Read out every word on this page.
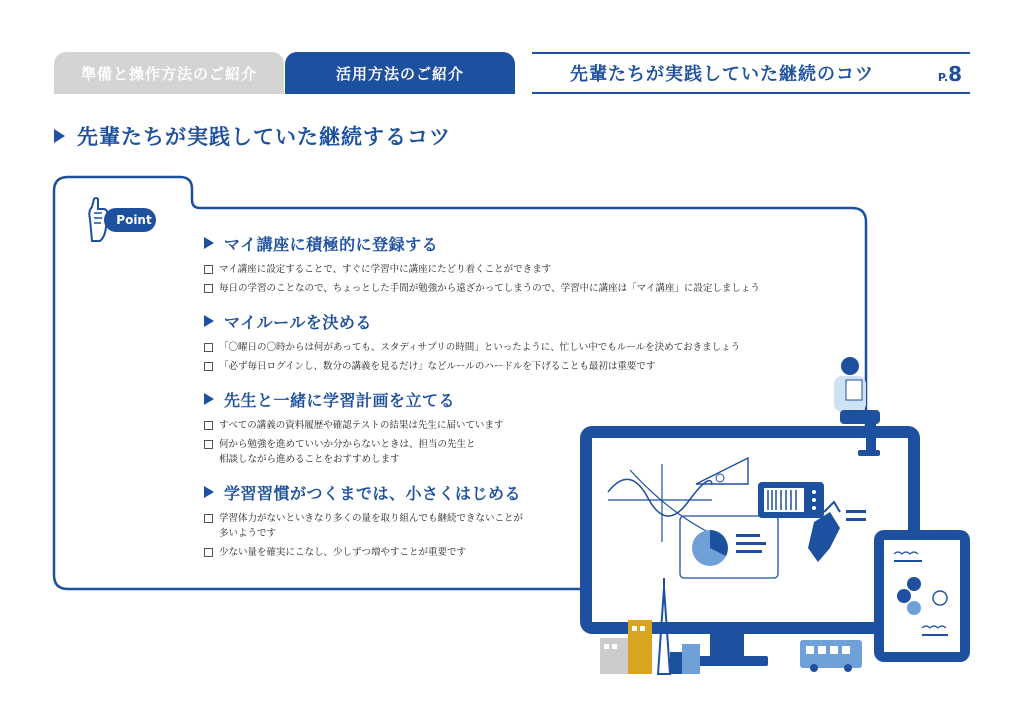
準備と操作方法のご紹介	活用方法のご紹介	先輩たちが実践していた継続のコツ	P.8
先輩たちが実践していた継続するコツ
Point
マイ講座に積極的に登録する
マイ講座に設定することで、すぐに学習中に講座にたどり着くことができます
毎日の学習のことなので、ちょっとした手間が勉強から遠ざかってしまうので、学習中に講座は「マイ講座」に設定しましょう
マイルールを決める
「〇曜日の〇時からは何があっても、スタディサプリの時間」といったように、忙しい中でもルールを決めておきましょう
「必ず毎日ログインし、数分の講義を見るだけ」などルールのハードルを下げることも最初は重要です
先生と一緒に学習計画を立てる
すべての講義の資料履歴や確認テストの結果は先生に届いています
何から勉強を進めていいか分からないときは、担当の先生と
相談しながら進めることをおすすめします
学習習慣がつくまでは、小さくはじめる
学習体力がないといきなり多くの量を取り組んでも継続できないことが
多いようです
少ない量を確実にこなし、少しずつ増やすことが重要です
